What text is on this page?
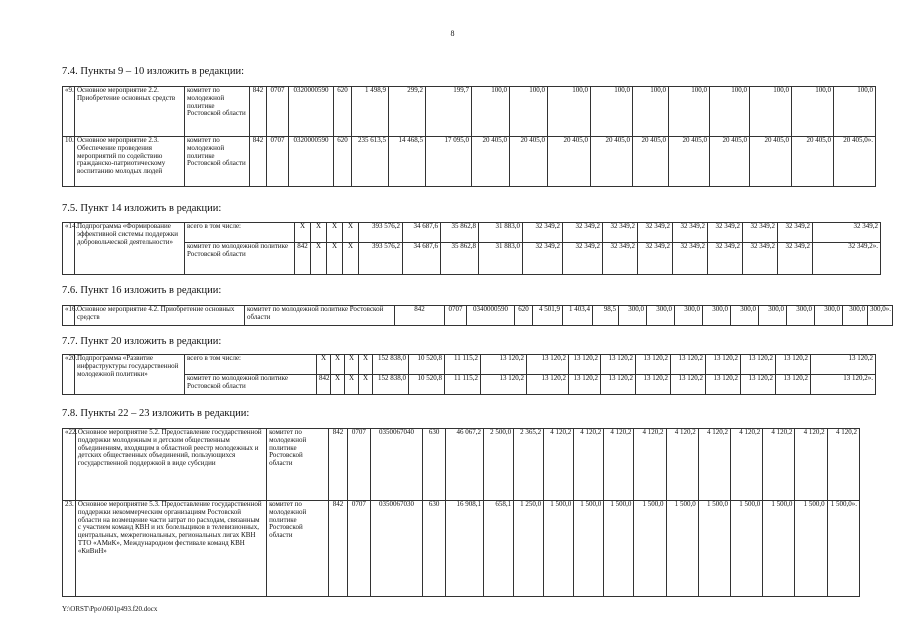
8
7.4. Пункты 9 – 10 изложить в редакции:
«9.	Основное мероприятие 2.2. Приобретение основных средств	комитет по молодежной политике Ростовской области	842	0707	0320000590	620	1 498,9	299,2	199,7	100,0	100,0	100,0	100,0	100,0	100,0	100,0	100,0	100,0	100,0
10.	Основное мероприятие 2.3. Обеспечение проведения мероприятий по содействию гражданско-патриотическому воспитанию молодых людей	комитет по молодежной политике Ростовской области	842	0707	0320000590	620	235 613,5	14 468,5	17 095,0	20 405,0	20 405,0	20 405,0	20 405,0	20 405,0	20 405,0	20 405,0	20 405,0	20 405,0	20 405,0».
7.5. Пункт 14 изложить в редакции:
«14.	Подпрограмма «Формирование эффективной системы поддержки добровольческой деятельности»	всего в том числе:	X	X	X	X	393 576,2	34 687,6	35 862,8	31 883,0	32 349,2	32 349,2	32 349,2	32 349,2	32 349,2	32 349,2	32 349,2	32 349,2	32 349,2
		комитет по молодежной политике Ростовской области	842	X	X	X	393 576,2	34 687,6	35 862,8	31 883,0	32 349,2	32 349,2	32 349,2	32 349,2	32 349,2	32 349,2	32 349,2	32 349,2	32 349,2».
7.6. Пункт 16 изложить в редакции:
«16.	Основное мероприятие 4.2. Приобретение основных средств	комитет по молодежной политике Ростовской области	842	0707	0340000590	620	4 501,9	1 403,4	98,5	300,0	300,0	300,0	300,0	300,0	300,0	300,0	300,0	300,0	300,0».
7.7. Пункт 20 изложить в редакции:
«20.	Подпрограмма «Развитие инфраструктуры государственной молодежной политики»	всего в том числе:	X	X	X	X	152 838,0	10 520,8	11 115,2	13 120,2	13 120,2	13 120,2	13 120,2	13 120,2	13 120,2	13 120,2	13 120,2	13 120,2	13 120,2
		комитет по молодежной политике Ростовской области	842	X	X	X	152 838,0	10 520,8	11 115,2	13 120,2	13 120,2	13 120,2	13 120,2	13 120,2	13 120,2	13 120,2	13 120,2	13 120,2	13 120,2».
7.8. Пункты 22 – 23 изложить в редакции:
«22.	Основное мероприятие 5.2. Предоставление государственной поддержки молодежным и детским общественным объединениям, входящим в областной реестр молодежных и детских общественных объединений, пользующихся государственной поддержкой в виде субсидии	комитет по молодежной политике Ростовской области	842	0707	0350067040	630	46 067,2	2 500,0	2 365,2	4 120,2	4 120,2	4 120,2	4 120,2	4 120,2	4 120,2	4 120,2	4 120,2	4 120,2	4 120,2
23.	Основное мероприятие 5.3. Предоставление государственной поддержки некоммерческим организациям Ростовской области на возмещение части затрат по расходам, связанным с участием команд КВН и их болельщиков в телевизионных, центральных, межрегиональных, региональных лигах КВН ТТО «АМиК», Международном фестивале команд КВН «КиВиН»	комитет по молодежной политике Ростовской области	842	0707	0350067030	630	16 908,1	658,1	1 250,0	1 500,0	1 500,0	1 500,0	1 500,0	1 500,0	1 500,0	1 500,0	1 500,0	1 500,0	1 500,0».
Y:\ORST\Ppo\0601p493.f20.docx
